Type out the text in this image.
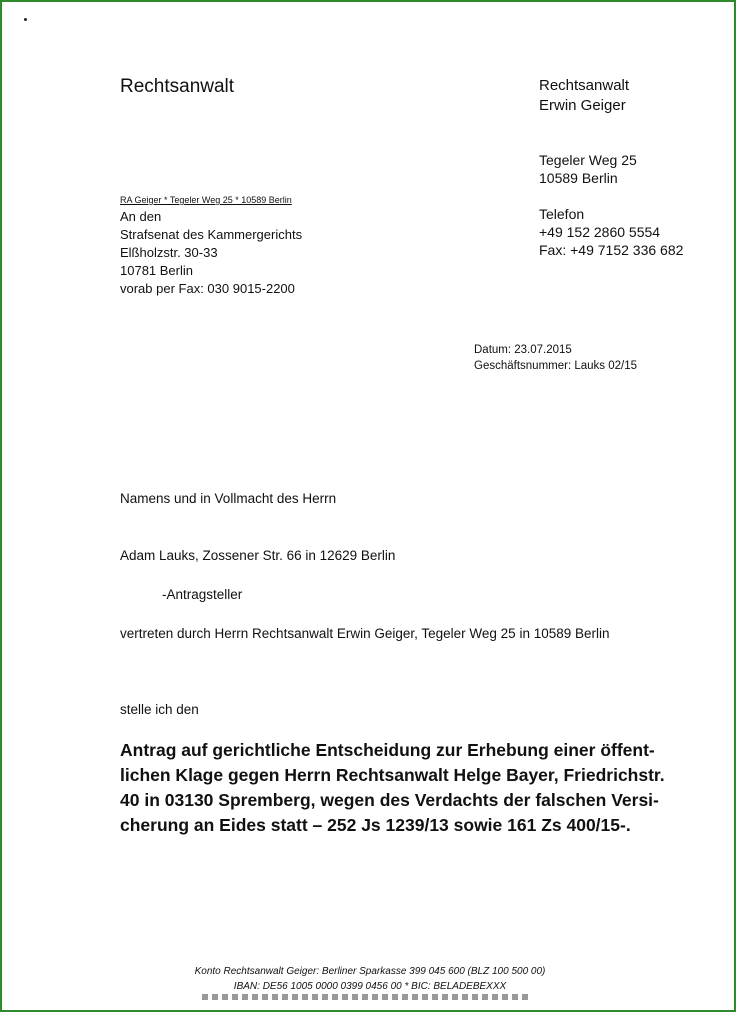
Rechtsanwalt	Rechtsanwalt
Erwin Geiger
Tegeler Weg 25
10589 Berlin
Telefon
+49 152 2860 5554
Fax: +49 7152 336 682
RA Geiger * Tegeler Weg 25 * 10589 Berlin
An den
Strafsenat des Kammergerichts
Elßholzstr. 30-33
10781 Berlin
vorab per Fax: 030 9015-2200
Datum: 23.07.2015
Geschäftsnummer: Lauks 02/15
Namens und in Vollmacht des Herrn
Adam Lauks, Zossener Str. 66 in 12629 Berlin
-Antragsteller
vertreten durch Herrn Rechtsanwalt Erwin Geiger, Tegeler Weg 25 in 10589 Berlin
stelle ich den
Antrag auf gerichtliche Entscheidung zur Erhebung einer öffent-
lichen Klage gegen Herrn Rechtsanwalt Helge Bayer, Friedrichstr.
40 in 03130 Spremberg, wegen des Verdachts der falschen Versi-
cherung an Eides statt – 252 Js 1239/13 sowie 161 Zs 400/15-.
Konto Rechtsanwalt Geiger: Berliner Sparkasse 399 045 600 (BLZ 100 500 00)
IBAN: DE56 1005 0000 0399 0456 00 * BIC: BELADEBEXXX
